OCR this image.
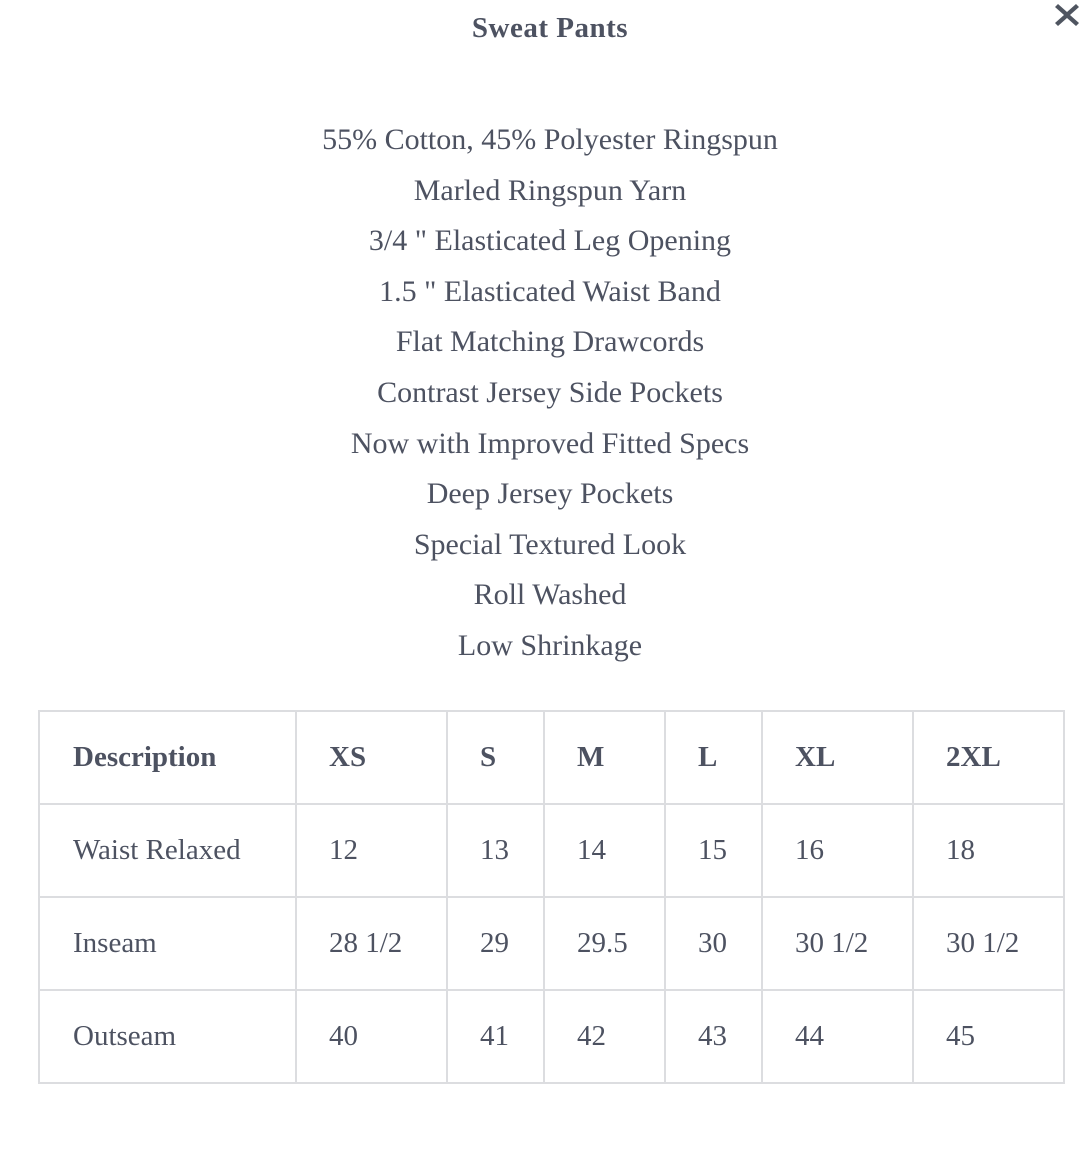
Sweat Pants
55% Cotton, 45% Polyester Ringspun
Marled Ringspun Yarn
3/4 " Elasticated Leg Opening
1.5 " Elasticated Waist Band
Flat Matching Drawcords
Contrast Jersey Side Pockets
Now with Improved Fitted Specs
Deep Jersey Pockets
Special Textured Look
Roll Washed
Low Shrinkage
Description	XS	S	M	L	XL	2XL
Waist Relaxed	12	13	14	15	16	18
Inseam	28 1/2	29	29.5	30	30 1/2	30 1/2
Outseam	40	41	42	43	44	45
